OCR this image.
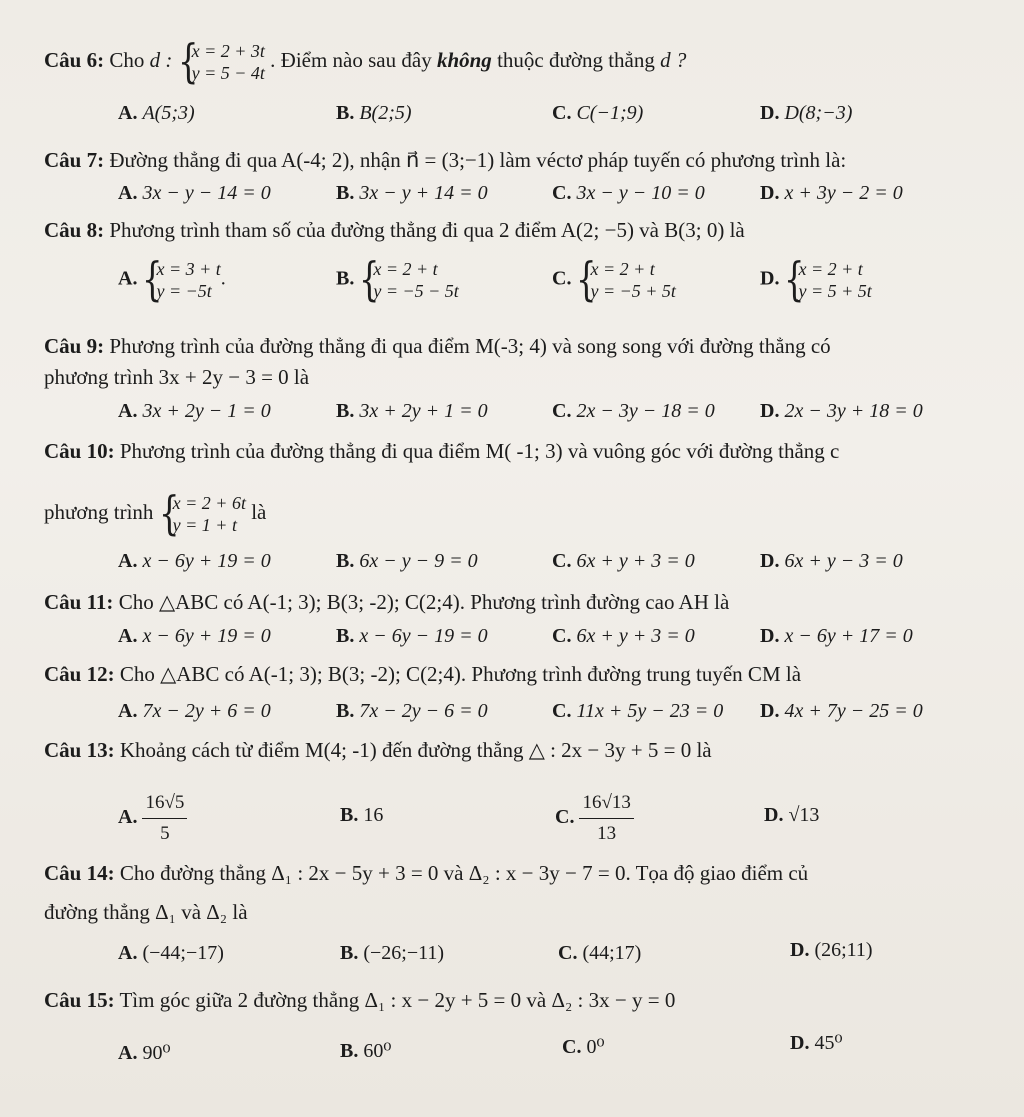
Câu 6: Cho d : {
x = 2 + 3t
y = 5 − 4t
. Điểm nào sau đây không thuộc đường thẳng d ?
A. A(5;3)	B. B(2;5)	C. C(−1;9)	D. D(8;−3)
Câu 7: Đường thẳng đi qua A(-4; 2), nhận n⃗ = (3;−1) làm véctơ pháp tuyến có phương trình là:
A. 3x − y − 14 = 0	B. 3x − y + 14 = 0	C. 3x − y − 10 = 0	D. x + 3y − 2 = 0
Câu 8: Phương trình tham số của đường thẳng đi qua 2 điểm A(2; −5) và B(3; 0) là
A. {
x = 3 + t
y = −5t
.	B. {
x = 2 + t
y = −5 − 5t
C. {
x = 2 + t
y = −5 + 5t
D. {
x = 2 + t
y = 5 + 5t
Câu 9: Phương trình của đường thẳng đi qua điểm M(-3; 4) và song song với đường thẳng có
phương trình 3x + 2y − 3 = 0 là
A. 3x + 2y − 1 = 0	B. 3x + 2y + 1 = 0	C. 2x − 3y − 18 = 0 D. 2x − 3y + 18 = 0
Câu 10: Phương trình của đường thẳng đi qua điểm M( -1; 3) và vuông góc với đường thẳng c
phương trình {
x = 2 + 6t
y = 1 + t
là
A. x − 6y + 19 = 0	B. 6x − y − 9 = 0	C. 6x + y + 3 = 0	D. 6x + y − 3 = 0
Câu 11: Cho △ABC có A(-1; 3); B(3; -2); C(2;4). Phương trình đường cao AH là
A. x − 6y + 19 = 0	B. x − 6y − 19 = 0	C. 6x + y + 3 = 0	D. x − 6y + 17 = 0
Câu 12: Cho △ABC có A(-1; 3); B(3; -2); C(2;4). Phương trình đường trung tuyến CM là
A. 7x − 2y + 6 = 0	B. 7x − 2y − 6 = 0	C. 11x + 5y − 23 = 0 D. 4x + 7y − 25 = 0
Câu 13: Khoảng cách từ điểm M(4; -1) đến đường thẳng △ : 2x − 3y + 5 = 0 là
A. $\frac{16√5}{5}$	B. 16	C. $\frac{16√13}{13}$	D. √13
Câu 14: Cho đường thẳng Δ₁ : 2x − 5y + 3 = 0 và Δ₂ : x − 3y − 7 = 0. Tọa độ giao điểm củ
đường thẳng Δ₁ và Δ₂ là
A. (−44;−17)	B. (−26;−11)	C. (44;17)	D. (26;11)
Câu 15: Tìm góc giữa 2 đường thẳng Δ₁ : x − 2y + 5 = 0 và Δ₂ : 3x − y = 0
A. 90⁰	B. 60⁰	C. 0⁰	D. 45⁰
